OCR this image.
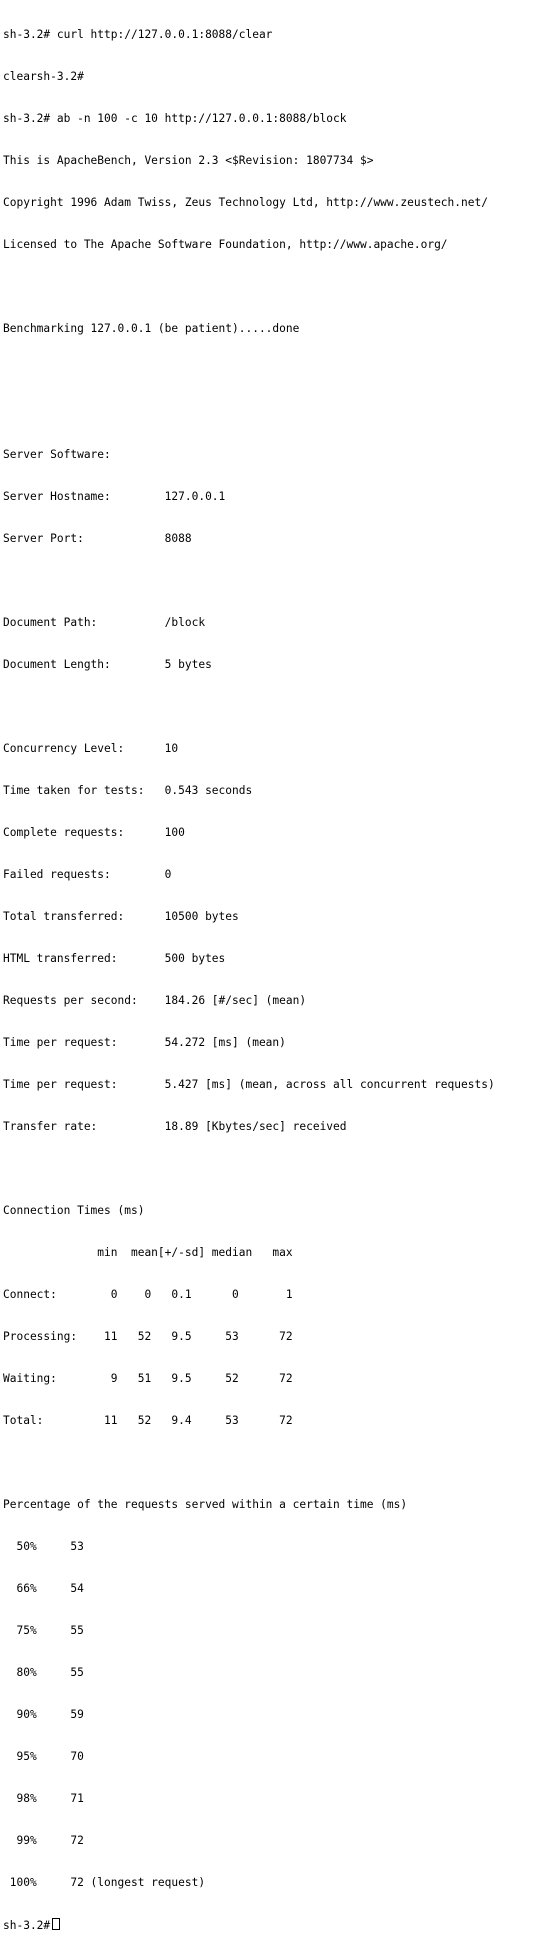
sh-3.2# curl http://127.0.0.1:8088/clear

clearsh-3.2#

sh-3.2# ab -n 100 -c 10 http://127.0.0.1:8088/block

This is ApacheBench, Version 2.3 <$Revision: 1807734 $>

Copyright 1996 Adam Twiss, Zeus Technology Ltd, http://www.zeustech.net/

Licensed to The Apache Software Foundation, http://www.apache.org/

Benchmarking 127.0.0.1 (be patient).....done

Server Software:

Server Hostname:        127.0.0.1

Server Port:            8088

Document Path:          /block

Document Length:        5 bytes

Concurrency Level:      10

Time taken for tests:   0.543 seconds

Complete requests:      100

Failed requests:        0

Total transferred:      10500 bytes

HTML transferred:       500 bytes

Requests per second:    184.26 [#/sec] (mean)

Time per request:       54.272 [ms] (mean)

Time per request:       5.427 [ms] (mean, across all concurrent requests)

Transfer rate:          18.89 [Kbytes/sec] received

Connection Times (ms)

min  mean[+/-sd] median   max

Connect:        0    0   0.1      0       1

Processing:    11   52   9.5     53      72

Waiting:        9   51   9.5     52      72

Total:         11   52   9.4     53      72

Percentage of the requests served within a certain time (ms)

50%     53

66%     54

75%     55

80%     55

90%     59

95%     70

98%     71

99%     72

100%     72 (longest request)

sh-3.2#
